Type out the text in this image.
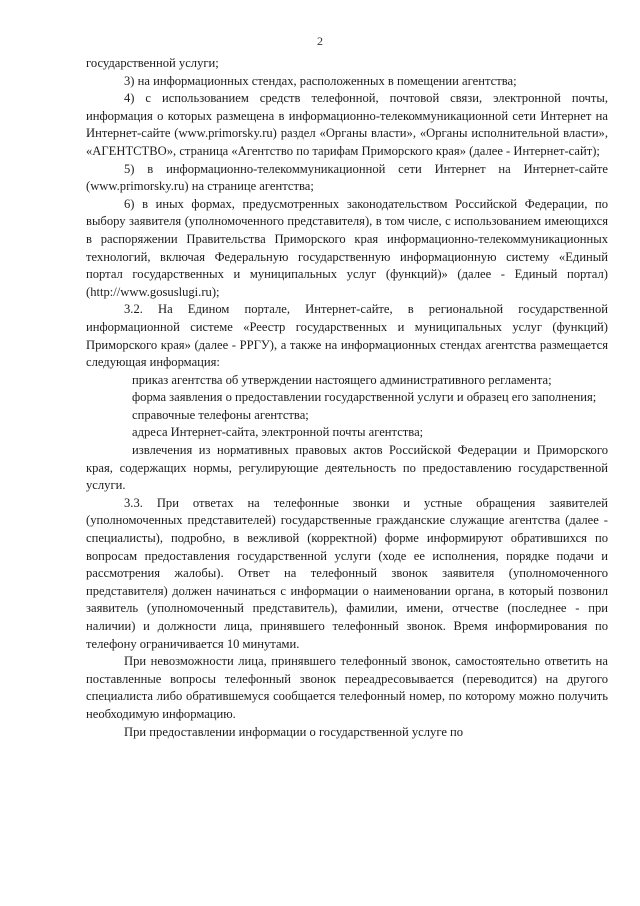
2

государственной услуги;

3) на информационных стендах, расположенных в помещении агентства;

4) с использованием средств телефонной, почтовой связи, электронной почты, информация о которых размещена в информационно-телекоммуникационной сети Интернет на Интернет-сайте (www.primorsky.ru) раздел «Органы власти», «Органы исполнительной власти», «АГЕНТСТВО», страница «Агентство по тарифам Приморского края» (далее - Интернет-сайт);

5) в информационно-телекоммуникационной сети Интернет на Интернет-сайте (www.primorsky.ru) на странице агентства;

6) в иных формах, предусмотренных законодательством Российской Федерации, по выбору заявителя (уполномоченного представителя), в том числе, с использованием имеющихся в распоряжении Правительства Приморского края информационно-телекоммуникационных технологий, включая Федеральную государственную информационную систему «Единый портал государственных и муниципальных услуг (функций)» (далее - Единый портал) (http://www.gosuslugi.ru);

3.2. На Едином портале, Интернет-сайте, в региональной государственной информационной системе «Реестр государственных и муниципальных услуг (функций) Приморского края» (далее - РРГУ), а также на информационных стендах агентства размещается следующая информация:

приказ агентства об утверждении настоящего административного регламента;

форма заявления о предоставлении государственной услуги и образец его заполнения;

справочные телефоны агентства;

адреса Интернет-сайта, электронной почты агентства;

извлечения из нормативных правовых актов Российской Федерации и Приморского края, содержащих нормы, регулирующие деятельность по предоставлению государственной услуги.

3.3. При ответах на телефонные звонки и устные обращения заявителей (уполномоченных представителей) государственные гражданские служащие агентства (далее - специалисты), подробно, в вежливой (корректной) форме информируют обратившихся по вопросам предоставления государственной услуги (ходе ее исполнения, порядке подачи и рассмотрения жалобы). Ответ на телефонный звонок заявителя (уполномоченного представителя) должен начинаться с информации о наименовании органа, в который позвонил заявитель (уполномоченный представитель), фамилии, имени, отчестве (последнее - при наличии) и должности лица, принявшего телефонный звонок. Время информирования по телефону ограничивается 10 минутами.

При невозможности лица, принявшего телефонный звонок, самостоятельно ответить на поставленные вопросы телефонный звонок переадресовывается (переводится) на другого специалиста либо обратившемуся сообщается телефонный номер, по которому можно получить необходимую информацию.

При предоставлении информации о государственной услуге по
